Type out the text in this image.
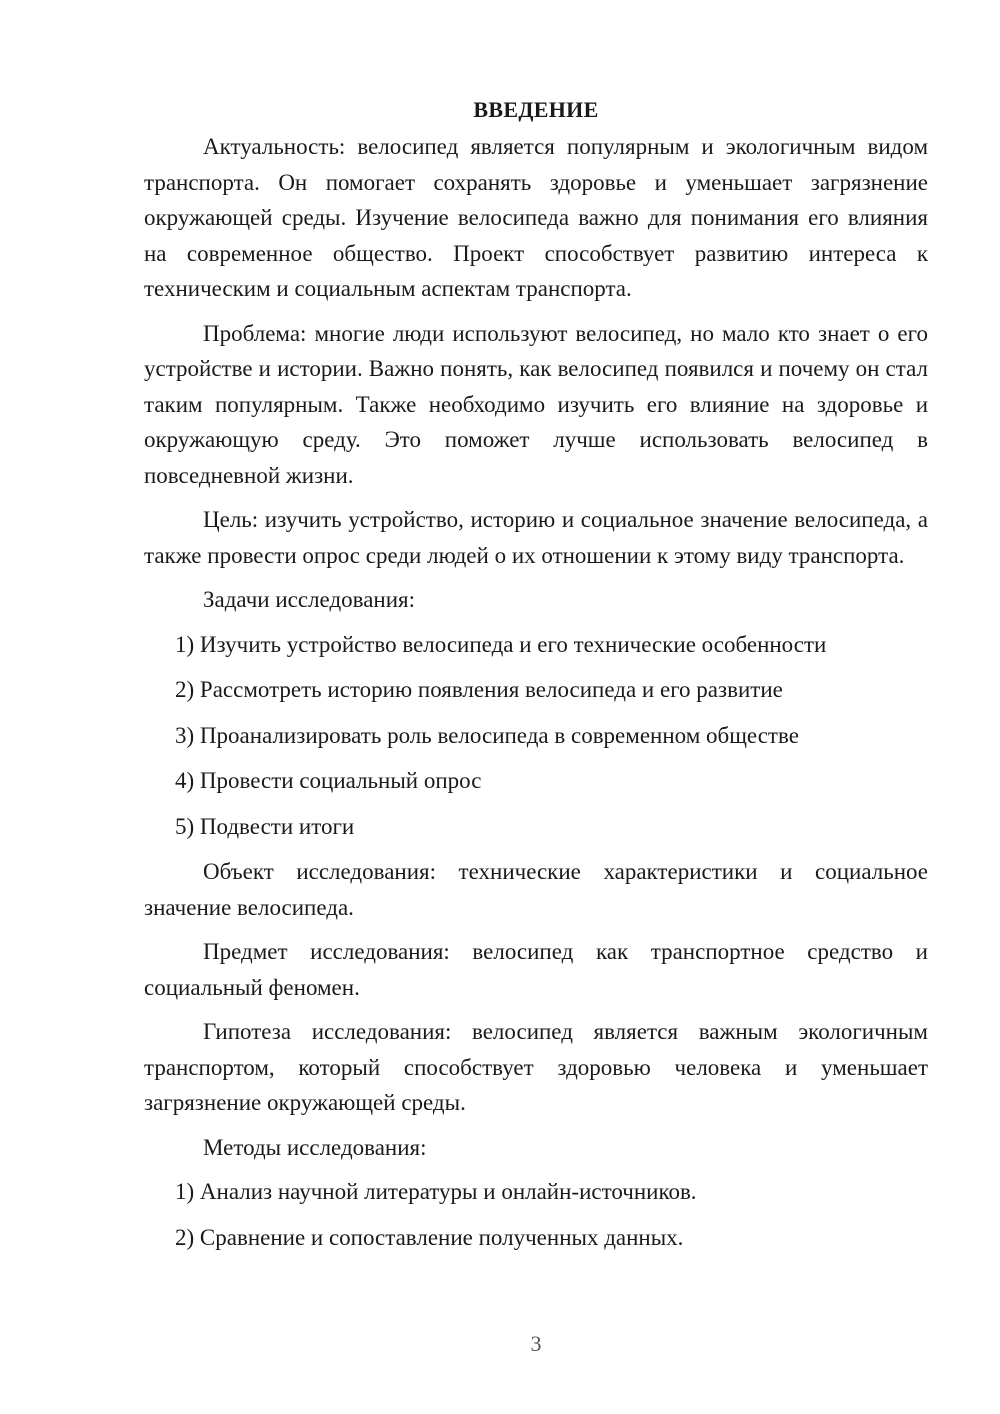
ВВЕДЕНИЕ

Актуальность: велосипед является популярным и экологичным видом транспорта. Он помогает сохранять здоровье и уменьшает загрязнение окружающей среды. Изучение велосипеда важно для понимания его влияния на современное общество. Проект способствует развитию интереса к техническим и социальным аспектам транспорта.

Проблема: многие люди используют велосипед, но мало кто знает о его устройстве и истории. Важно понять, как велосипед появился и почему он стал таким популярным. Также необходимо изучить его влияние на здоровье и окружающую среду. Это поможет лучше использовать велосипед в повседневной жизни.

Цель: изучить устройство, историю и социальное значение велосипеда, а также провести опрос среди людей о их отношении к этому виду транспорта.

Задачи исследования:

1) Изучить устройство велосипеда и его технические особенности
2) Рассмотреть историю появления велосипеда и его развитие
3) Проанализировать роль велосипеда в современном обществе
4) Провести социальный опрос
5) Подвести итоги

Объект исследования: технические характеристики и социальное значение велосипеда.

Предмет исследования: велосипед как транспортное средство и социальный феномен.

Гипотеза исследования: велосипед является важным экологичным транспортом, который способствует здоровью человека и уменьшает загрязнение окружающей среды.

Методы исследования:

1) Анализ научной литературы и онлайн-источников.
2) Сравнение и сопоставление полученных данных.
3
